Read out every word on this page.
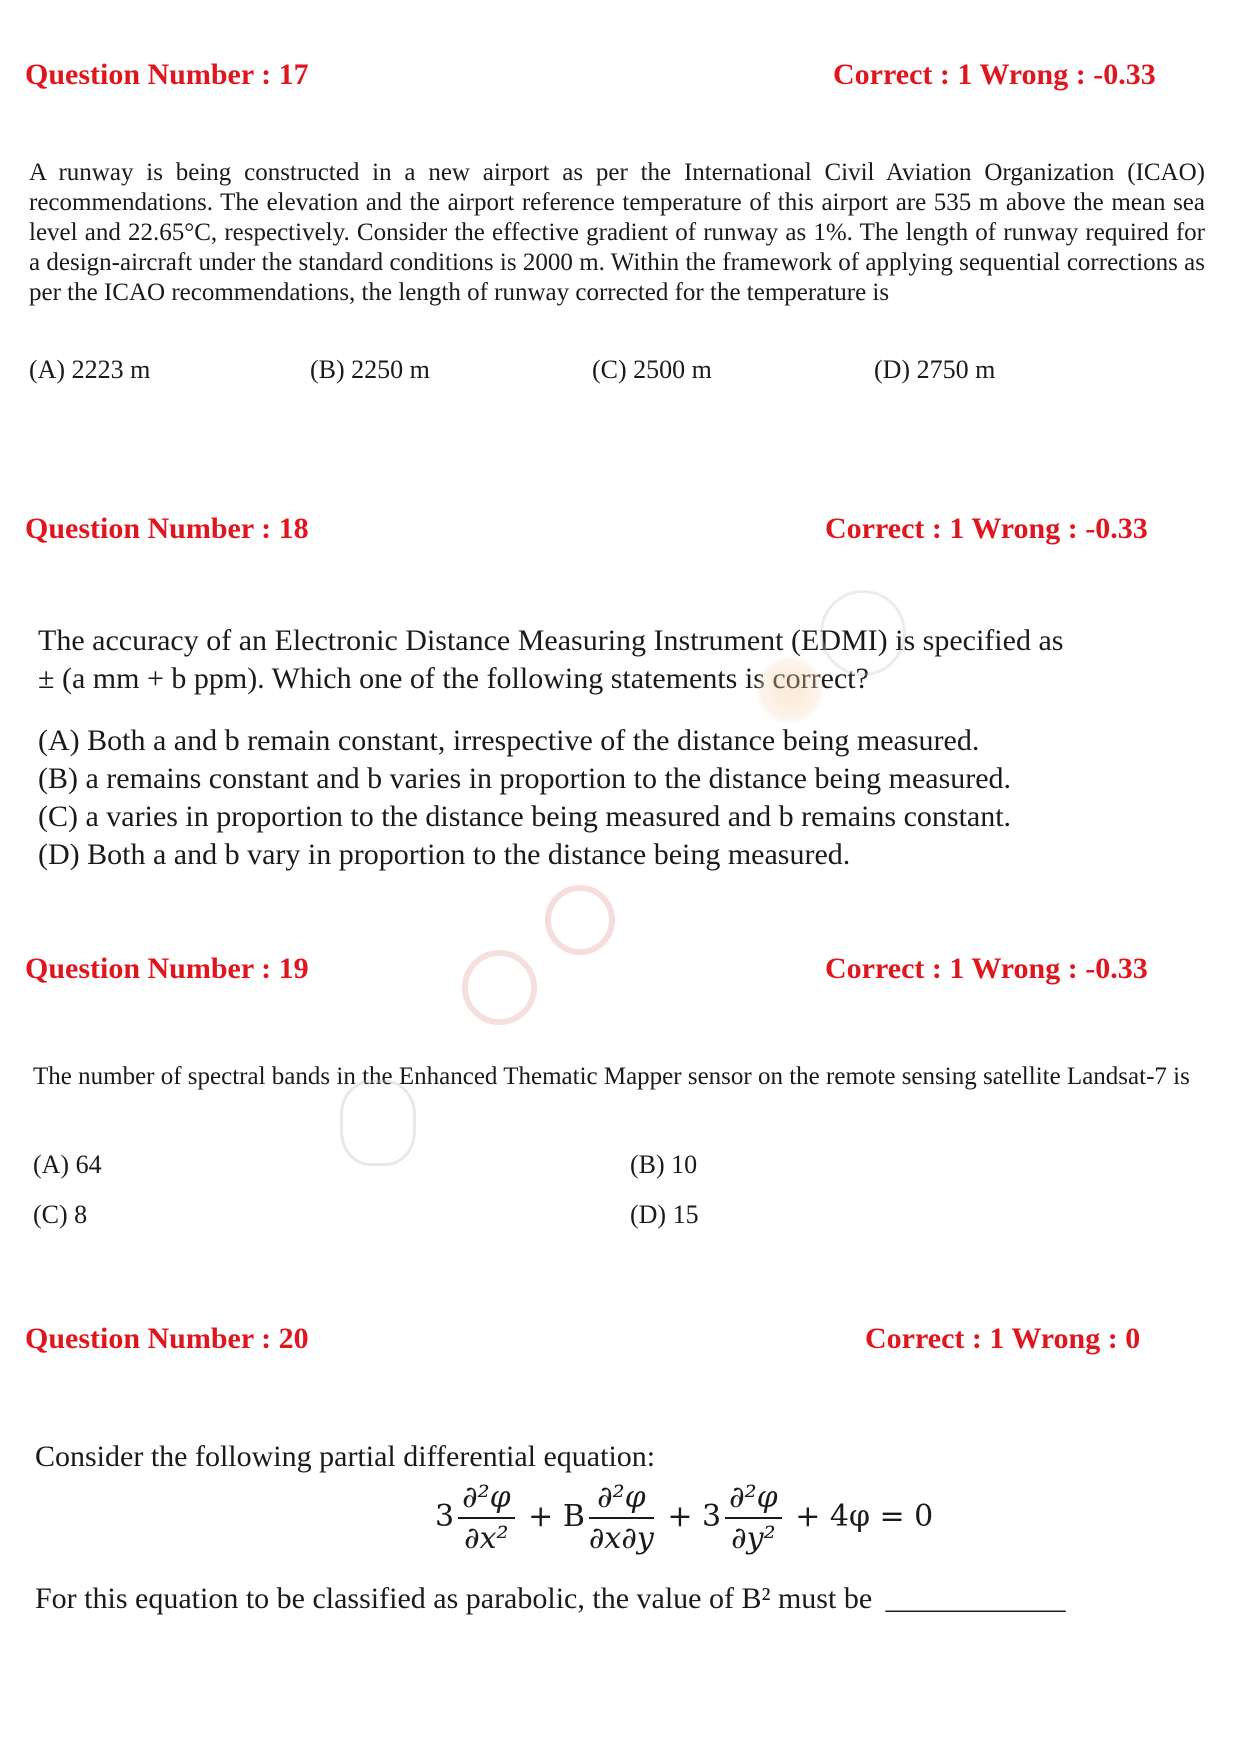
Question Number : 17	Correct : 1 Wrong : -0.33
A runway is being constructed in a new airport as per the International Civil Aviation Organization (ICAO) recommendations. The elevation and the airport reference temperature of this airport are 535 m above the mean sea level and 22.65°C, respectively. Consider the effective gradient of runway as 1%. The length of runway required for a design-aircraft under the standard conditions is 2000 m. Within the framework of applying sequential corrections as per the ICAO recommendations, the length of runway corrected for the temperature is
(A) 2223 m	(B) 2250 m	(C) 2500 m	(D) 2750 m
Question Number : 18	Correct : 1 Wrong : -0.33
The accuracy of an Electronic Distance Measuring Instrument (EDMI) is specified as
± (a mm + b ppm). Which one of the following statements is correct?
(A) Both a and b remain constant, irrespective of the distance being measured.
(B) a remains constant and b varies in proportion to the distance being measured.
(C) a varies in proportion to the distance being measured and b remains constant.
(D) Both a and b vary in proportion to the distance being measured.
Question Number : 19	Correct : 1 Wrong : -0.33
The number of spectral bands in the Enhanced Thematic Mapper sensor on the remote sensing satellite Landsat-7 is
(A) 64	(B) 10
(C) 8	(D) 15
Question Number : 20	Correct : 1 Wrong : 0
Consider the following partial differential equation:
$3 \frac{\text{∂²φ}}{\text{∂x²}} + B \frac{\text{∂²φ}}{\partial x\partial y} + 3 \frac{\text{∂²φ}}{\text{∂y²}} + 4\varphi = 0$
For this equation to be classified as parabolic, the value of B² must be ____________
